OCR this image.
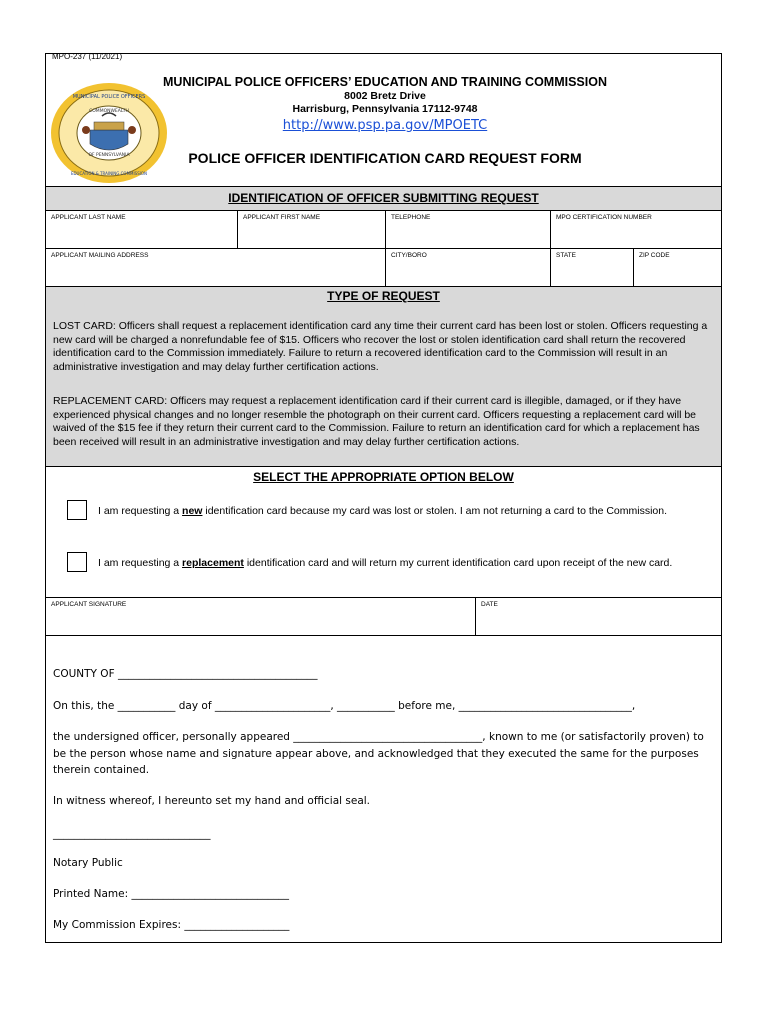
MPO-237 (11/2021)
MUNICIPAL POLICE OFFICERS
EDUCATION & TRAINING COMMISSION
COMMONWEALTH
OF PENNSYLVANIA
MUNICIPAL POLICE OFFICERS’ EDUCATION AND TRAINING COMMISSION
8002 Bretz Drive
Harrisburg, Pennsylvania 17112-9748
http://www.psp.pa.gov/MPOETC
POLICE OFFICER IDENTIFICATION CARD REQUEST FORM
IDENTIFICATION OF OFFICER SUBMITTING REQUEST
APPLICANT LAST NAME	APPLICANT FIRST NAME	TELEPHONE	MPO CERTIFICATION NUMBER
APPLICANT MAILING ADDRESS	CITY/BORO	STATE	ZIP CODE
TYPE OF REQUEST
LOST CARD: Officers shall request a replacement identification card any time their current card has been lost or stolen. Officers requesting a new card will be charged a nonrefundable fee of $15. Officers who recover the lost or stolen identification card shall return the recovered identification card to the Commission immediately. Failure to return a recovered identification card to the Commission will result in an administrative investigation and may delay further certification actions.
REPLACEMENT CARD: Officers may request a replacement identification card if their current card is illegible, damaged, or if they have experienced physical changes and no longer resemble the photograph on their current card. Officers requesting a replacement card will be waived of the $15 fee if they return their current card to the Commission. Failure to return an identification card for which a replacement has been received will result in an administrative investigation and may delay further certification actions.
SELECT THE APPROPRIATE OPTION BELOW
I am requesting a new identification card because my card was lost or stolen. I am not returning a card to the Commission.
I am requesting a replacement identification card and will return my current identification card upon receipt of the new card.
APPLICANT SIGNATURE	DATE
COUNTY OF ______________________________________
On this, the ___________ day of ______________________, ___________ before me, _________________________________,
the undersigned officer, personally appeared ____________________________________, known to me (or satisfactorily proven) to be the person whose name and signature appear above, and acknowledged that they executed the same for the purposes therein contained.
In witness whereof, I hereunto set my hand and official seal.
______________________________
Notary Public
Printed Name: ______________________________
My Commission Expires: ____________________
